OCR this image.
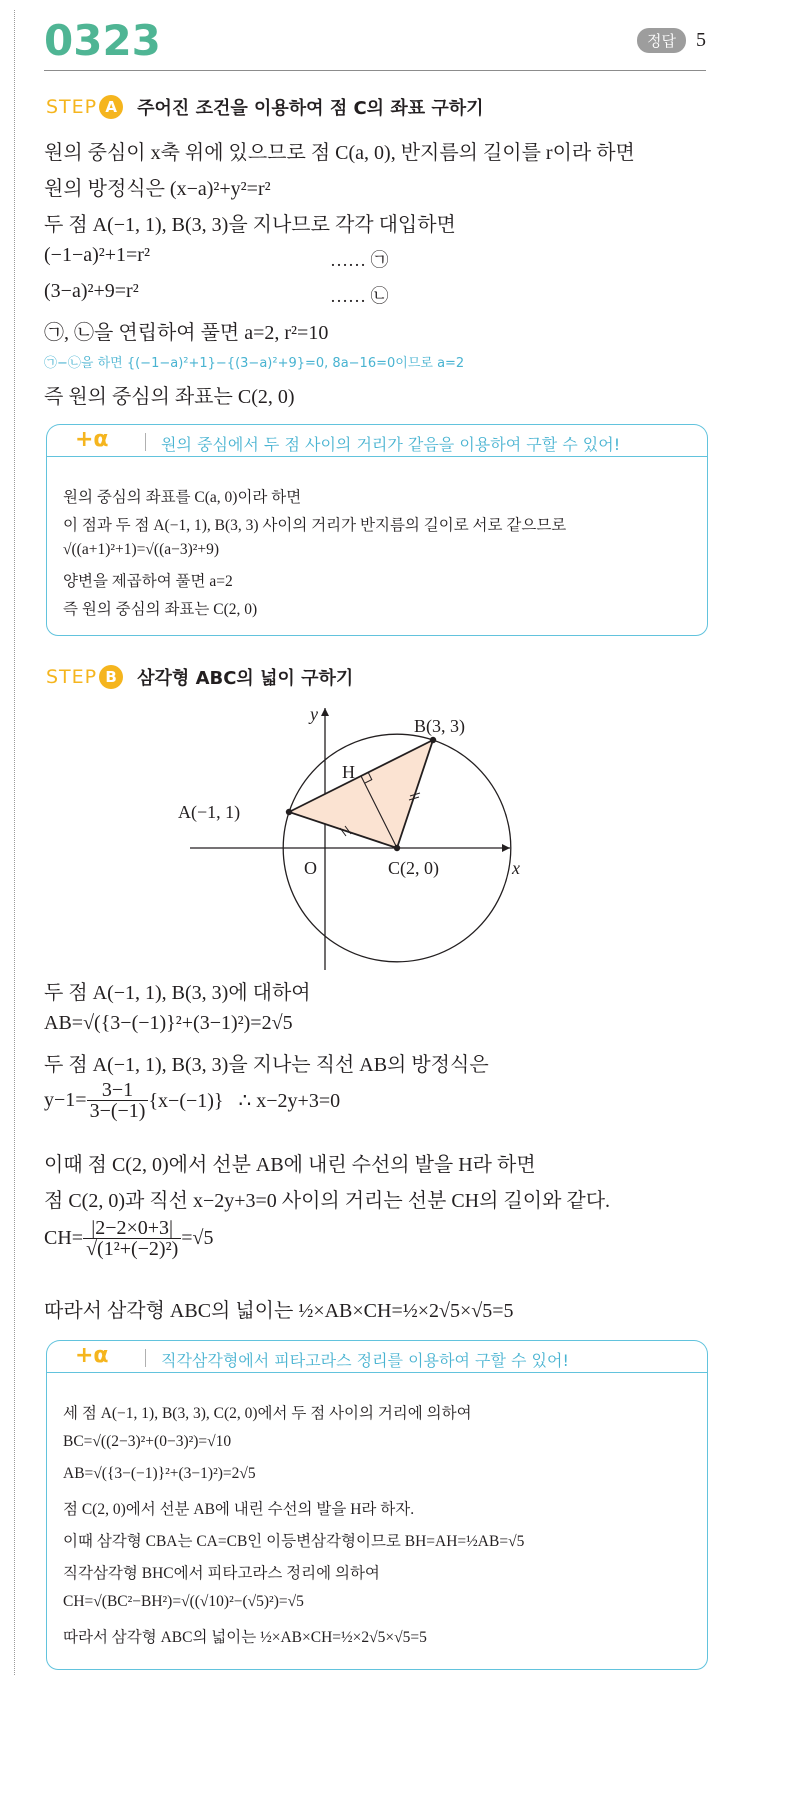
0323	정답	5
STEP A	주어진 조건을 이용하여 점 C의 좌표 구하기
원의 중심이 x축 위에 있으므로 점 C(a, 0), 반지름의 길이를 r이라 하면
원의 방정식은 (x−a)²+y²=r²
두 점 A(−1, 1), B(3, 3)을 지나므로 각각 대입하면
(−1−a)²+1=r²	…… ㉠
(3−a)²+9=r²	…… ㉡
㉠, ㉡을 연립하여 풀면 a=2, r²=10
㉠−㉡을 하면 {(−1−a)²+1}−{(3−a)²+9}=0, 8a−16=0이므로 a=2
즉 원의 중심의 좌표는 C(2, 0)
+α	원의 중심에서 두 점 사이의 거리가 같음을 이용하여 구할 수 있어!
원의 중심의 좌표를 C(a, 0)이라 하면
이 점과 두 점 A(−1, 1), B(3, 3) 사이의 거리가 반지름의 길이로 서로 같으므로
√((a+1)²+1)=√((a−3)²+9)
양변을 제곱하여 풀면 a=2
즉 원의 중심의 좌표는 C(2, 0)
STEP B	삼각형 ABC의 넓이 구하기
y
x
O
A(−1, 1)
B(3, 3)
C(2, 0)
H
두 점 A(−1, 1), B(3, 3)에 대하여
AB=√({3−(−1)}²+(3−1)²)=2√5
두 점 A(−1, 1), B(3, 3)을 지나는 직선 AB의 방정식은
$y-1= \frac{3-1}{3-(-1)} \{x-(-1)\}$   ∴ x−2y+3=0
이때 점 C(2, 0)에서 선분 AB에 내린 수선의 발을 H라 하면
점 C(2, 0)과 직선 x−2y+3=0 사이의 거리는 선분 CH의 길이와 같다.
$CH= \frac{|2-2\times 0+3|}{\text{√(1²+(−2)²)}} =√5$
따라서 삼각형 ABC의 넓이는 ½×AB×CH=½×2√5×√5=5
+α	직각삼각형에서 피타고라스 정리를 이용하여 구할 수 있어!
세 점 A(−1, 1), B(3, 3), C(2, 0)에서 두 점 사이의 거리에 의하여
BC=√((2−3)²+(0−3)²)=√10
AB=√({3−(−1)}²+(3−1)²)=2√5
점 C(2, 0)에서 선분 AB에 내린 수선의 발을 H라 하자.
이때 삼각형 CBA는 CA=CB인 이등변삼각형이므로 BH=AH=½AB=√5
직각삼각형 BHC에서 피타고라스 정리에 의하여
CH=√(BC²−BH²)=√((√10)²−(√5)²)=√5
따라서 삼각형 ABC의 넓이는 ½×AB×CH=½×2√5×√5=5
